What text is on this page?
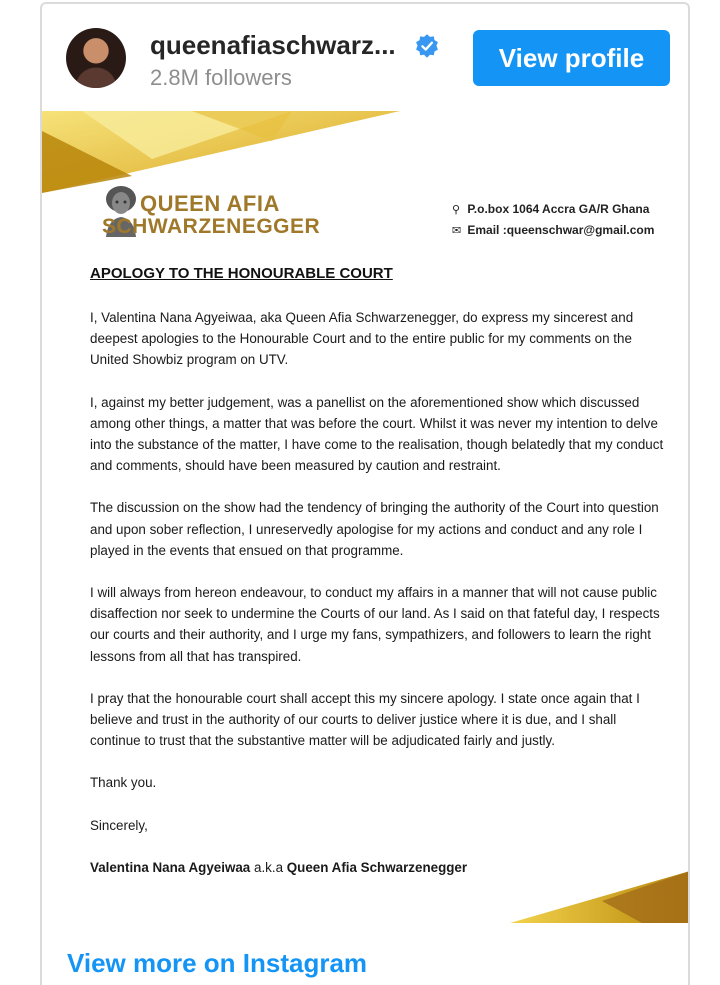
queenafiaschwarz...
2.8M followers
View profile
QUEEN AFIA
SCHWARZENEGGER
⚲ P.o.box 1064 Accra GA/R Ghana
✉ Email :queenschwar@gmail.com
APOLOGY TO THE HONOURABLE COURT

I, Valentina Nana Agyeiwaa, aka Queen Afia Schwarzenegger, do express my sincerest and deepest apologies to the Honourable Court and to the entire public for my comments on the United Showbiz program on UTV.

I, against my better judgement, was a panellist on the aforementioned show which discussed among other things, a matter that was before the court. Whilst it was never my intention to delve into the substance of the matter, I have come to the realisation, though belatedly that my conduct and comments, should have been measured by caution and restraint.

The discussion on the show had the tendency of bringing the authority of the Court into question and upon sober reflection, I unreservedly apologise for my actions and conduct and any role I played in the events that ensued on that programme.

I will always from hereon endeavour, to conduct my affairs in a manner that will not cause public disaffection nor seek to undermine the Courts of our land. As I said on that fateful day, I respects our courts and their authority, and I urge my fans, sympathizers, and followers to learn the right lessons from all that has transpired.

I pray that the honourable court shall accept this my sincere apology. I state once again that I believe and trust in the authority of our courts to deliver justice where it is due, and I shall continue to trust that the substantive matter will be adjudicated fairly and justly.

Thank you.

Sincerely,

Valentina Nana Agyeiwaa a.k.a Queen Afia Schwarzenegger

View more on Instagram
